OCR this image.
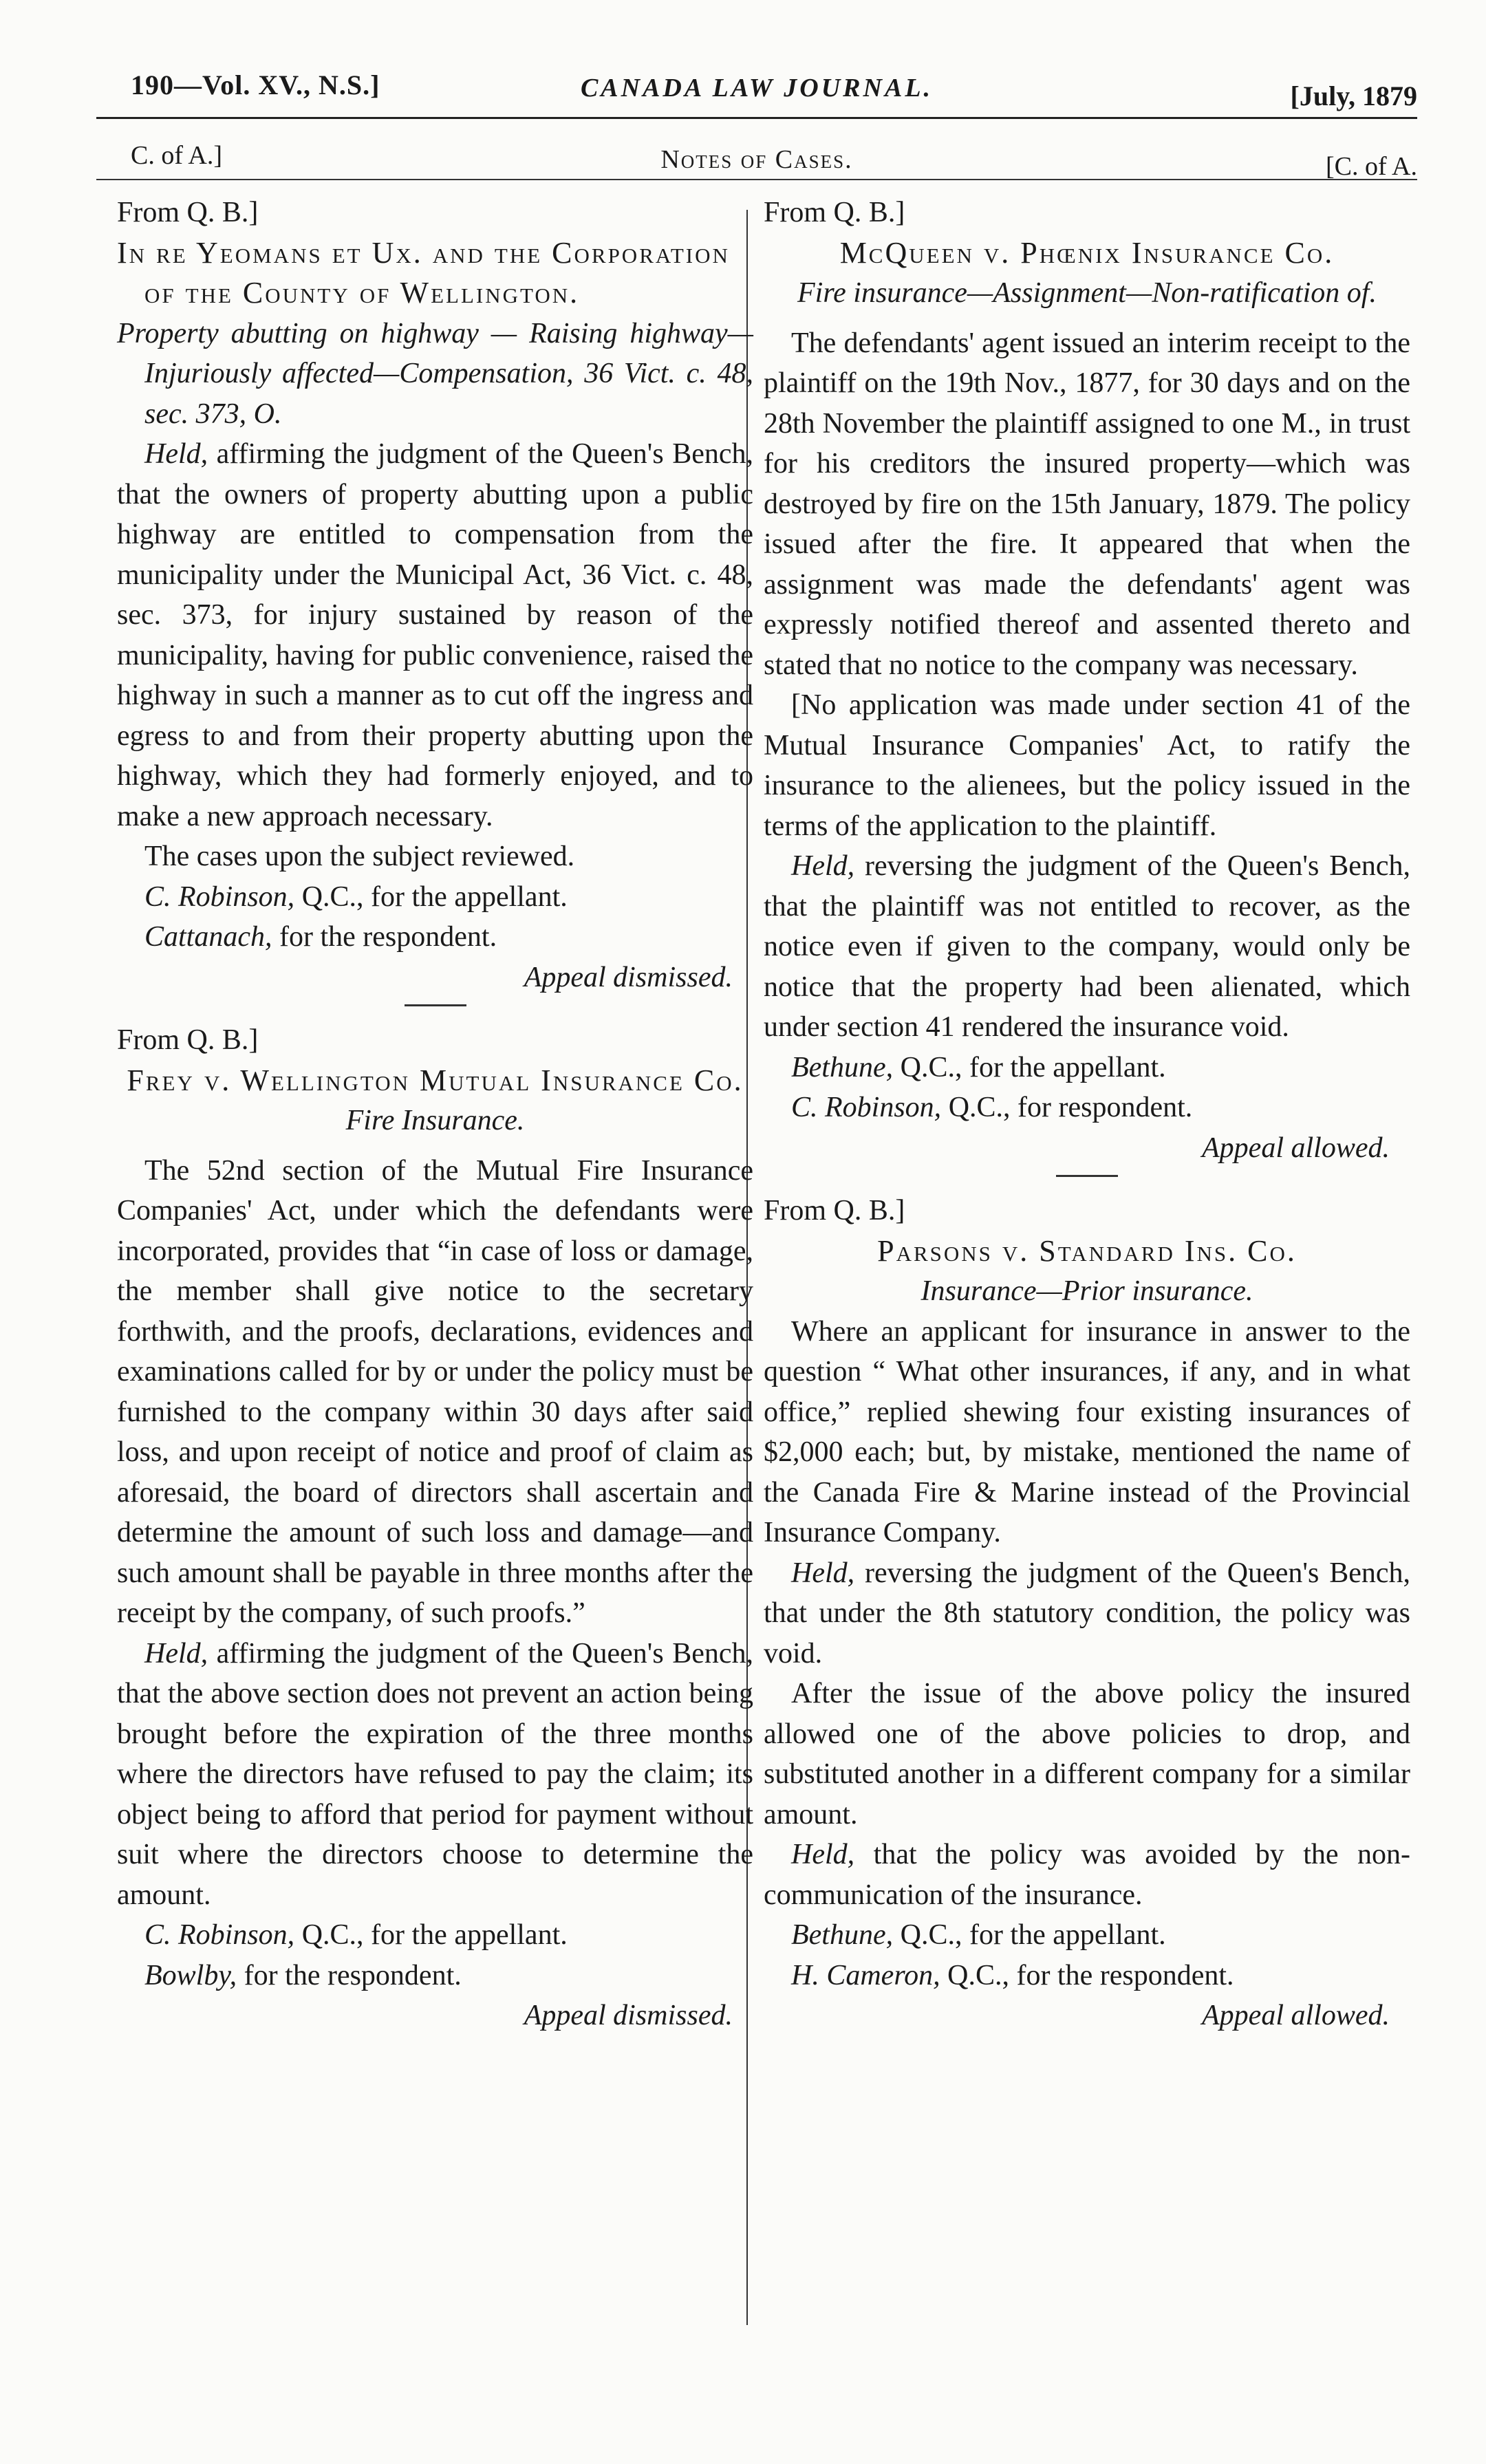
190—Vol. XV., N.S.]	CANADA LAW JOURNAL.	[July, 1879
C. of A.]	Notes of Cases.	[C. of A.

From Q. B.]

In re Yeomans et Ux. and the Corporation of the County of Wellington.

Property abutting on highway — Raising highway—Injuriously affected—Compensation, 36 Vict. c. 48, sec. 373, O.

Held, affirming the judgment of the Queen's Bench, that the owners of property abutting upon a public highway are entitled to compensation from the municipality under the Municipal Act, 36 Vict. c. 48, sec. 373, for injury sustained by reason of the municipality, having for public convenience, raised the highway in such a manner as to cut off the ingress and egress to and from their property abutting upon the highway, which they had formerly enjoyed, and to make a new approach necessary.

The cases upon the subject reviewed.

C. Robinson, Q.C., for the appellant.

Cattanach, for the respondent.

Appeal dismissed.

From Q. B.]

Frey v. Wellington Mutual Insurance Co.

Fire Insurance.

The 52nd section of the Mutual Fire Insurance Companies' Act, under which the defendants were incorporated, provides that “in case of loss or damage, the member shall give notice to the secretary forthwith, and the proofs, declarations, evidences and examinations called for by or under the policy must be furnished to the company within 30 days after said loss, and upon receipt of notice and proof of claim as aforesaid, the board of directors shall ascertain and determine the amount of such loss and damage—and such amount shall be payable in three months after the receipt by the company, of such proofs.”

Held, affirming the judgment of the Queen's Bench, that the above section does not prevent an action being brought before the expiration of the three months where the directors have refused to pay the claim; its object being to afford that period for payment without suit where the directors choose to determine the amount.

C. Robinson, Q.C., for the appellant.

Bowlby, for the respondent.

Appeal dismissed.

From Q. B.]

McQueen v. Phœnix Insurance Co.

Fire insurance—Assignment—Non-ratification of.

The defendants' agent issued an interim receipt to the plaintiff on the 19th Nov., 1877, for 30 days and on the 28th November the plaintiff assigned to one M., in trust for his creditors the insured property—which was destroyed by fire on the 15th January, 1879. The policy issued after the fire. It appeared that when the assignment was made the defendants' agent was expressly notified thereof and assented thereto and stated that no notice to the company was necessary.

[No application was made under section 41 of the Mutual Insurance Companies' Act, to ratify the insurance to the alienees, but the policy issued in the terms of the application to the plaintiff.

Held, reversing the judgment of the Queen's Bench, that the plaintiff was not entitled to recover, as the notice even if given to the company, would only be notice that the property had been alienated, which under section 41 rendered the insurance void.

Bethune, Q.C., for the appellant.

C. Robinson, Q.C., for respondent.

Appeal allowed.

From Q. B.]

Parsons v. Standard Ins. Co.

Insurance—Prior insurance.

Where an applicant for insurance in answer to the question “ What other insurances, if any, and in what office,” replied shewing four existing insurances of $2,000 each; but, by mistake, mentioned the name of the Canada Fire & Marine instead of the Provincial Insurance Company.

Held, reversing the judgment of the Queen's Bench, that under the 8th statutory condition, the policy was void.

After the issue of the above policy the insured allowed one of the above policies to drop, and substituted another in a different company for a similar amount.

Held, that the policy was avoided by the non-communication of the insurance.

Bethune, Q.C., for the appellant.

H. Cameron, Q.C., for the respondent.

Appeal allowed.
